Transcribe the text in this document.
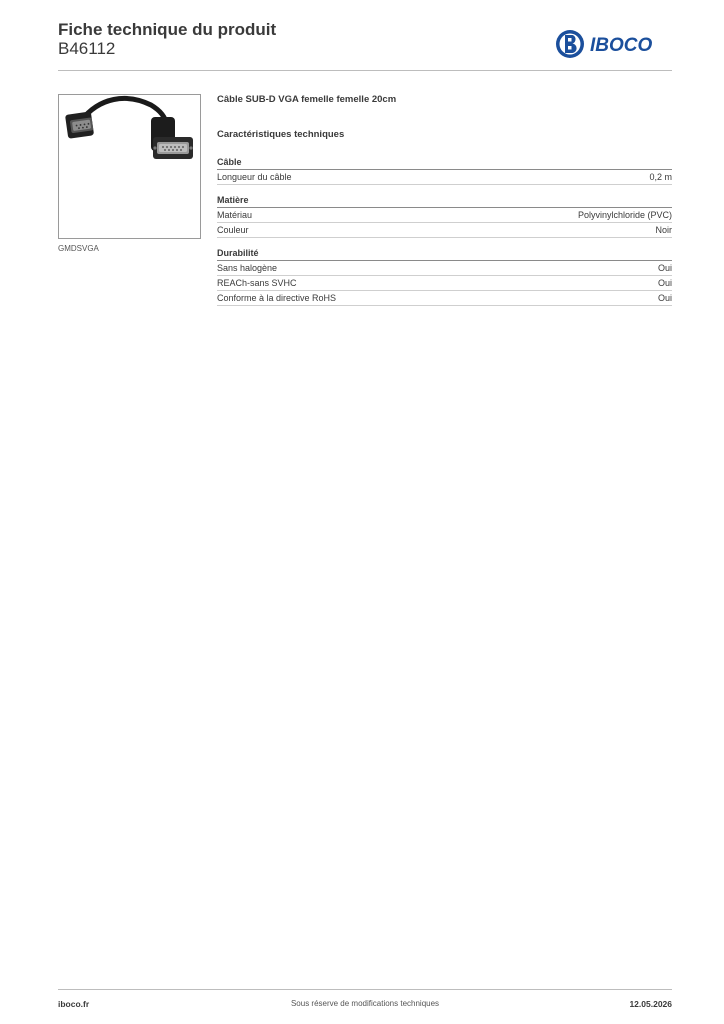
Fiche technique du produit
B46112	IBOCO
GMDSVGA
Câble SUB-D VGA femelle femelle 20cm
Caractéristiques techniques
Câble
Longueur du câble	0,2 m
Matière
Matériau	Polyvinylchloride (PVC)
Couleur	Noir
Durabilité
Sans halogène	Oui
REACh-sans SVHC	Oui
Conforme à la directive RoHS	Oui
iboco.fr	Sous réserve de modifications techniques	12.05.2026
